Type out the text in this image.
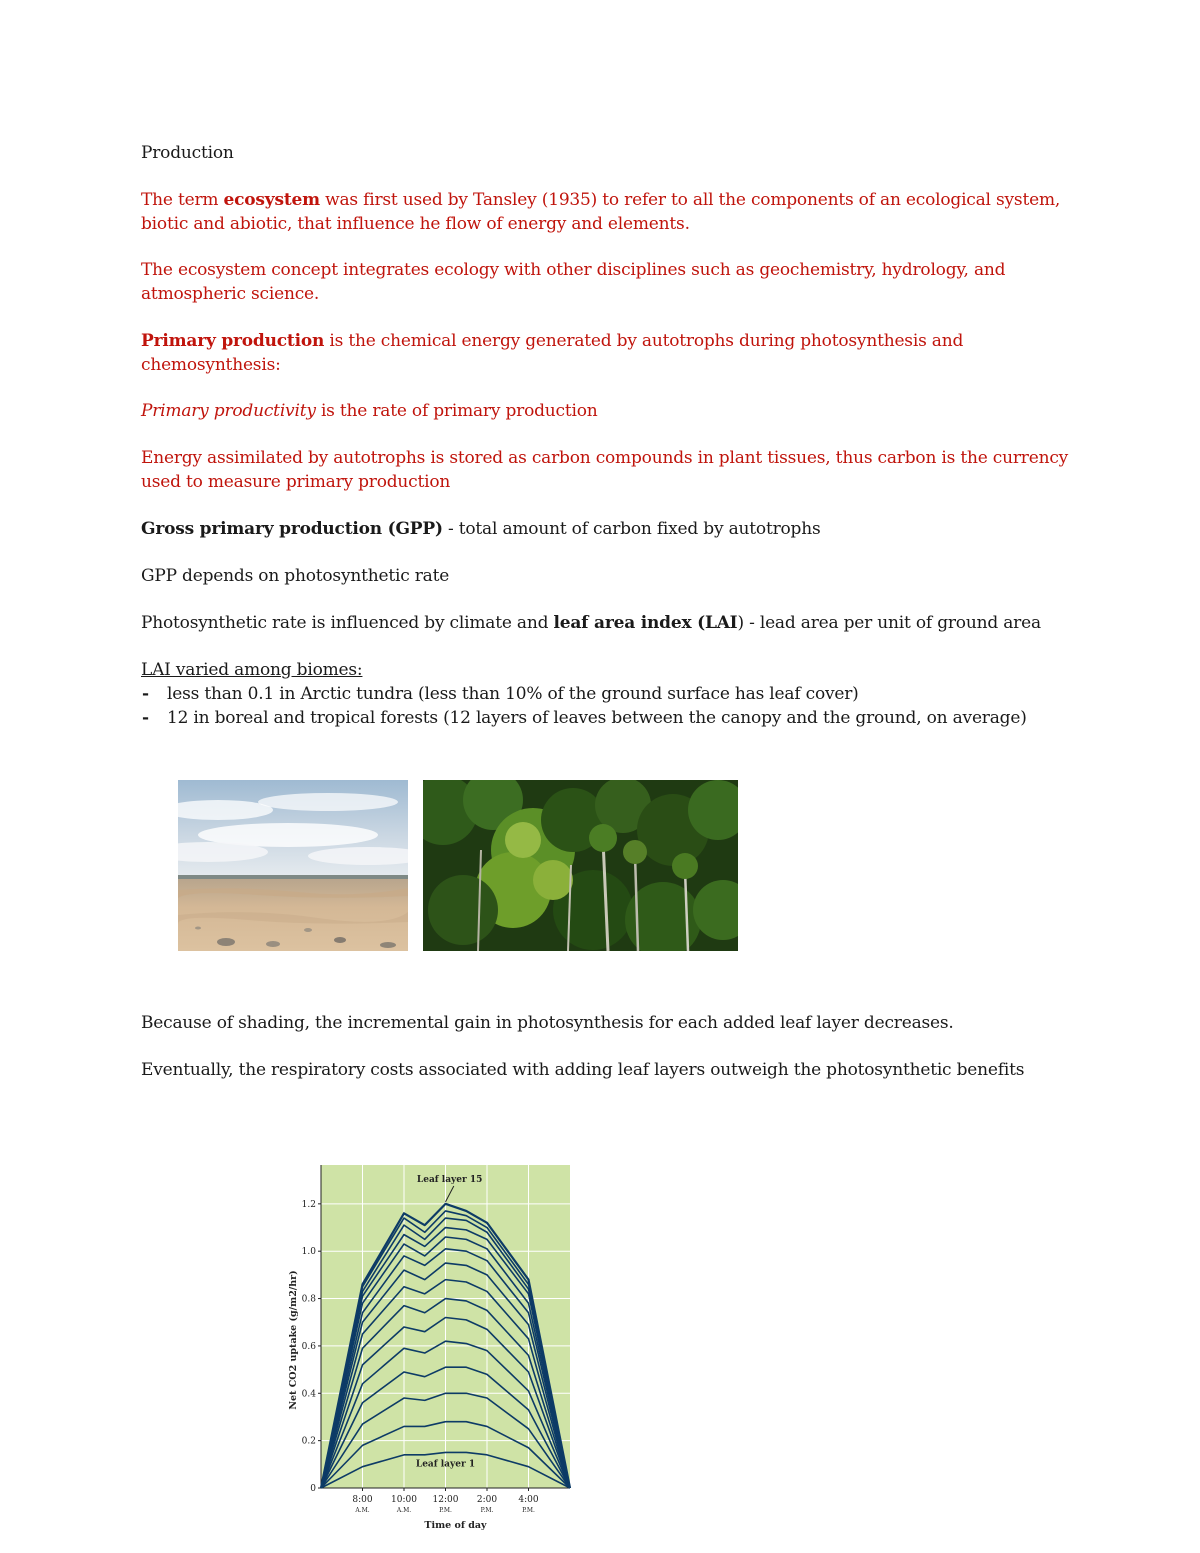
Production

The term ecosystem was first used by Tansley (1935) to refer to all the components of an ecological system, biotic and abiotic, that influence he flow of energy and elements.

The ecosystem concept integrates ecology with other disciplines such as geochemistry, hydrology, and atmospheric science.

Primary production is the chemical energy generated by autotrophs during photosynthesis and chemosynthesis:

Primary productivity is the rate of primary production

Energy assimilated by autotrophs is stored as carbon compounds in plant tissues, thus carbon is the currency used to measure primary production

Gross primary production (GPP) - total amount of carbon fixed by autotrophs

GPP depends on photosynthetic rate

Photosynthetic rate is influenced by climate and leaf area index (LAI) - lead area per unit of ground area

LAI varied among biomes:

- less than 0.1 in Arctic tundra (less than 10% of the ground surface has leaf cover)
- 12 in boreal and tropical forests (12 layers of leaves between the canopy and the ground, on average)

Because of shading, the incremental gain in photosynthesis for each added leaf layer decreases.

Eventually, the respiratory costs associated with adding leaf layers outweigh the photosynthetic benefits

0
0.2
0.4
0.6
0.8
1.0
1.2
8:00
A.M.
10:00
A.M.
12:00
P.M.
2:00
P.M.
4:00
P.M.
Time of day
Net CO2 uptake (g/m2/hr)
Leaf layer 15
Leaf layer 1
